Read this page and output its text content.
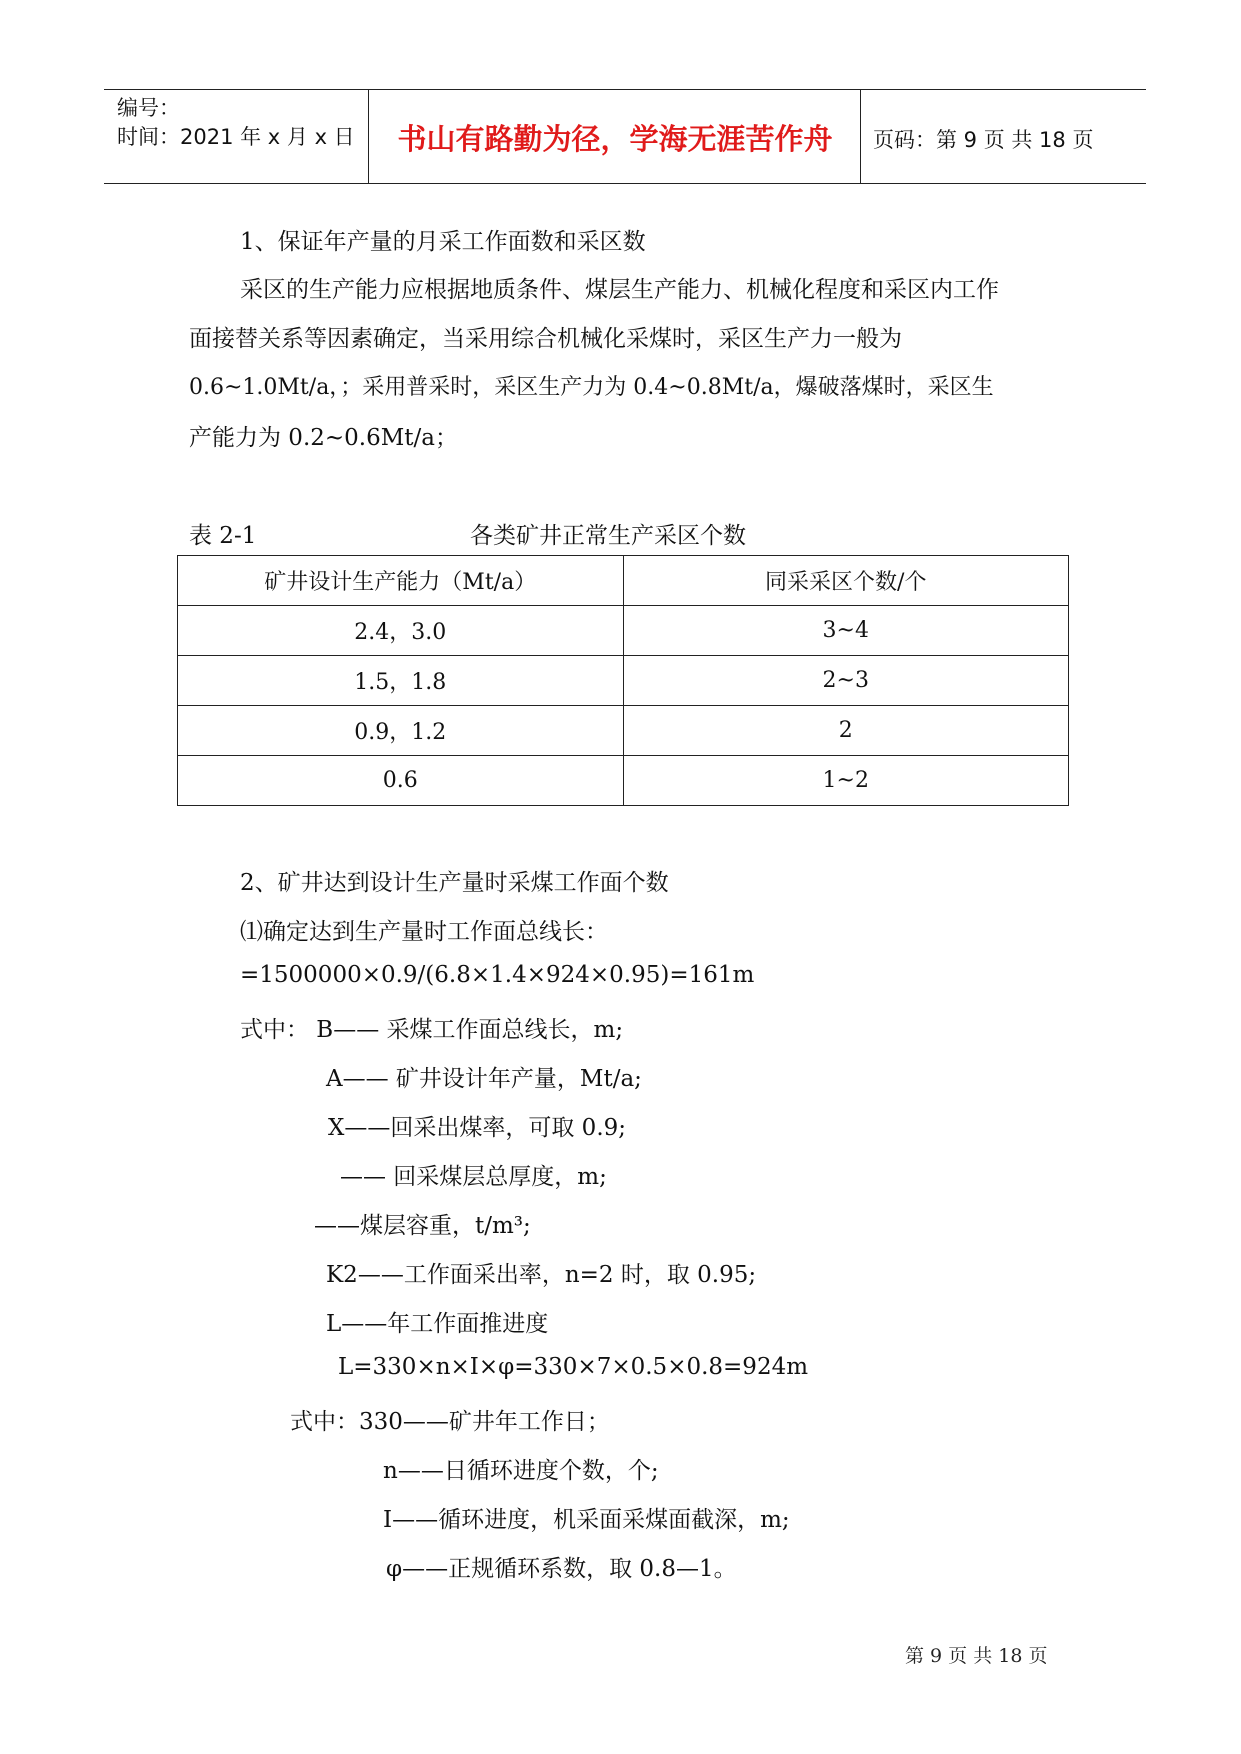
编号：
时间：2021 年 x 月 x 日	书山有路勤为径，学海无涯苦作舟	页码：第 9 页 共 18 页
1、保证年产量的月采工作面数和采区数
采区的生产能力应根据地质条件、煤层生产能力、机械化程度和采区内工作
面接替关系等因素确定，当采用综合机械化采煤时，采区生产力一般为
0.6~1.0Mt/a，；采用普采时，采区生产力为 0.4~0.8Mt/a，爆破落煤时，采区生
产能力为 0.2~0.6Mt/a；
表 2-1	各类矿井正常生产采区个数
矿井设计生产能力（Mt/a）	同采采区个数/个
2.4，3.0	3~4
1.5，1.8	2~3
0.9，1.2	2
0.6	1~2
2、矿井达到设计生产量时采煤工作面个数
⑴确定达到生产量时工作面总线长：
=1500000×0.9/(6.8×1.4×924×0.95)=161m
式中： B—— 采煤工作面总线长，m;
A—— 矿井设计年产量，Mt/a;
X——回采出煤率，可取 0.9;
—— 回采煤层总厚度，m;
——煤层容重，t/m³;
K2——工作面采出率，n=2 时，取 0.95;
L——年工作面推进度
L=330×n×I×φ=330×7×0.5×0.8=924m
式中：330——矿井年工作日；
n——日循环进度个数，个;
I——循环进度，机采面采煤面截深，m;
φ——正规循环系数，取 0.8—1。
第 9 页 共 18 页
